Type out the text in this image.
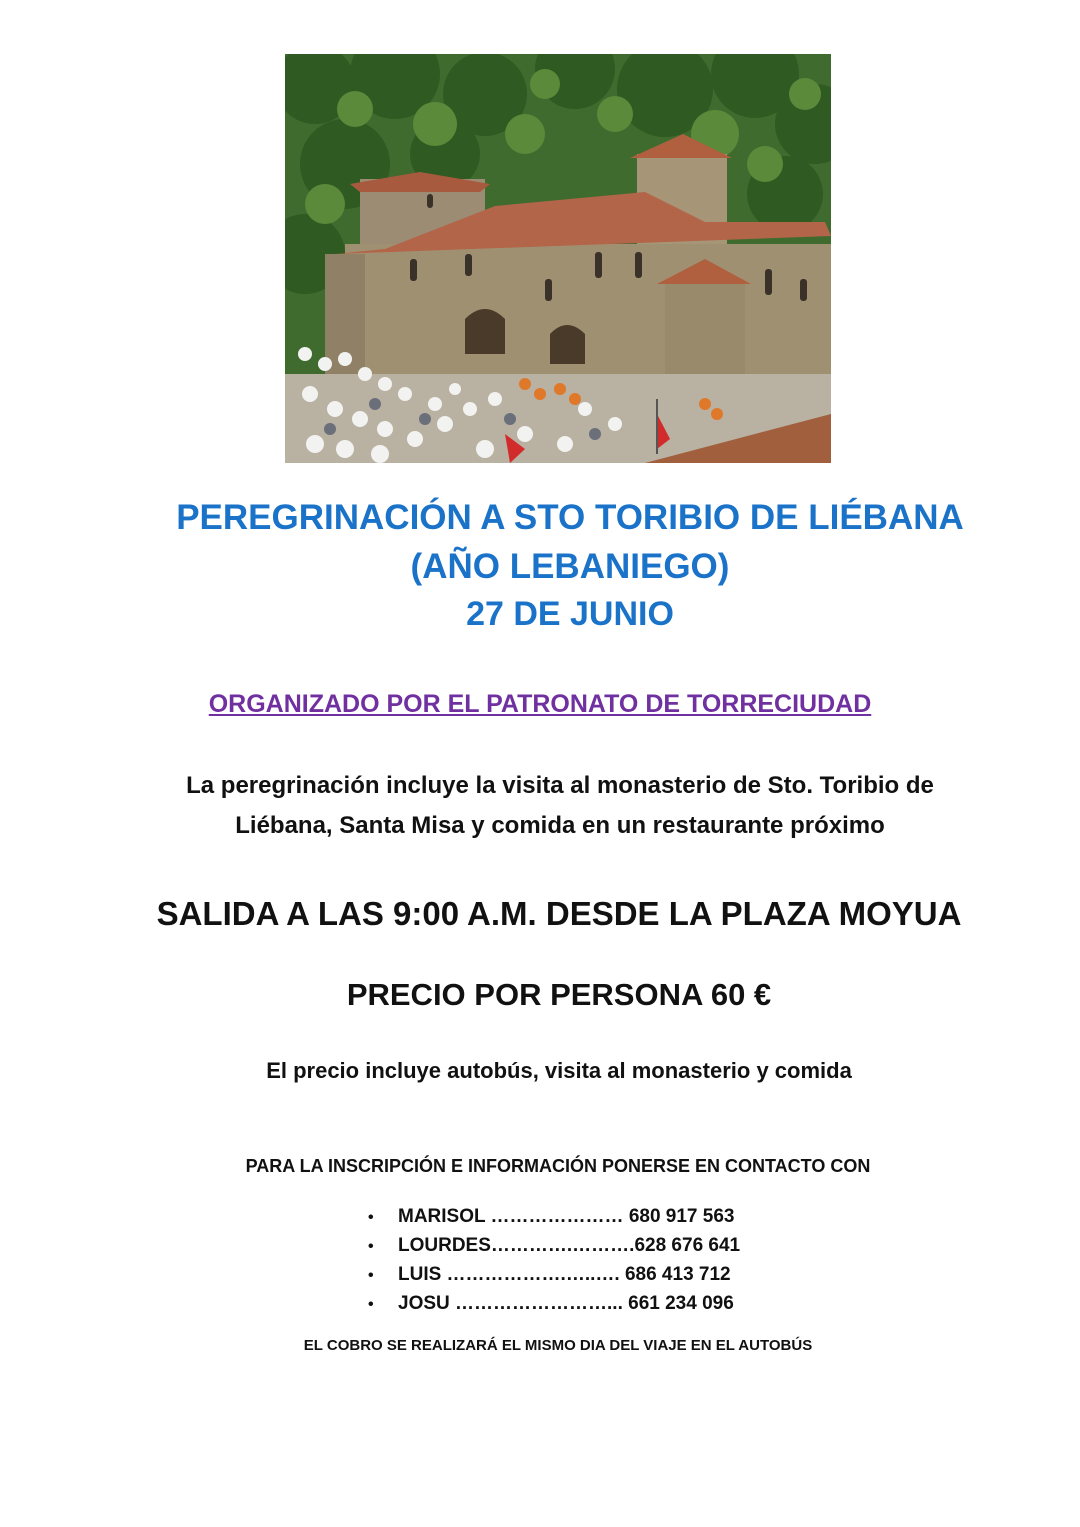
PEREGRINACIÓN A STO TORIBIO DE LIÉBANA
(AÑO LEBANIEGO)
27 DE JUNIO
ORGANIZADO POR EL PATRONATO DE TORRECIUDAD
La peregrinación incluye la visita al monasterio de Sto. Toribio de
Liébana, Santa Misa y comida en un restaurante próximo
SALIDA A LAS 9:00 A.M. DESDE LA PLAZA MOYUA
PRECIO POR PERSONA 60 €
El precio incluye autobús, visita al monasterio y comida
PARA LA INSCRIPCIÓN E INFORMACIÓN PONERSE EN CONTACTO CON
• MARISOL ………………… 680 917 563
• LOURDES………….……….628 676 641
• LUIS ……………….…..…. 686 413 712
• JOSU ……………………... 661 234 096
EL COBRO SE REALIZARÁ EL MISMO DIA DEL VIAJE EN EL AUTOBÚS
